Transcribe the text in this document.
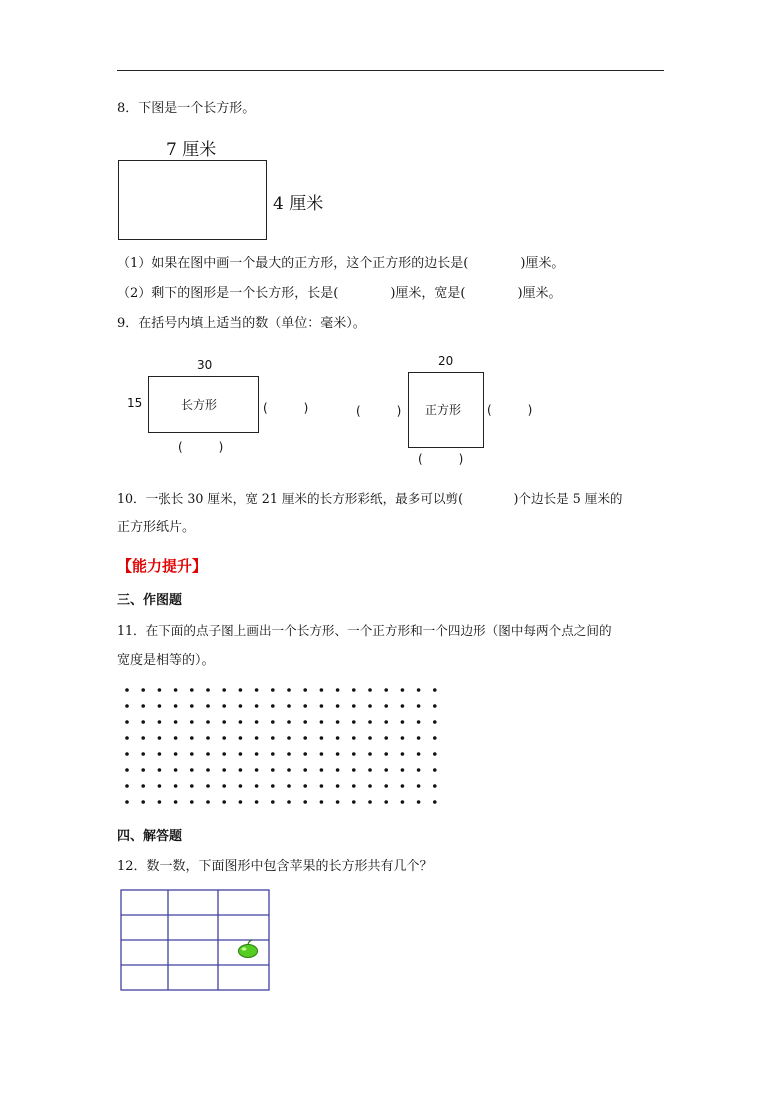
8．下图是一个长方形。
7 厘米
4 厘米
（1）如果在图中画一个最大的正方形，这个正方形的边长是(　　　　)厘米。
（2）剩下的图形是一个长方形，长是(　　　　)厘米，宽是(　　　　)厘米。
9．在括号内填上适当的数（单位：毫米）。
30
15	长方形	(　　　)
(　　　)
(　　　)
20
正方形 (　　　)
(　　　)
10．一张长 30 厘米，宽 21 厘米的长方形彩纸，最多可以剪(　　　　)个边长是 5 厘米的
正方形纸片。
【能力提升】
三、作图题
11．在下面的点子图上画出一个长方形、一个正方形和一个四边形（图中每两个点之间的
宽度是相等的）。
四、解答题
12．数一数，下面图形中包含苹果的长方形共有几个？
